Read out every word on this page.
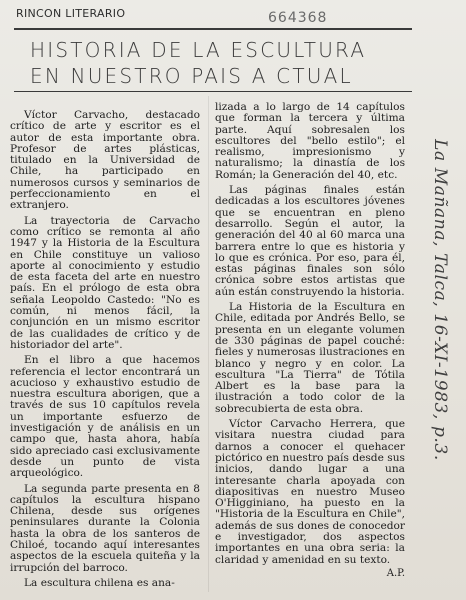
RINCON LITERARIO	664368
HISTORIA DE LA ESCULTURA
EN NUESTRO PAIS A CTUAL

Víctor Carvacho, destacado crítico de arte y escritor es el autor de esta importante obra. Profesor de artes plásticas, titulado en la Universidad de Chile, ha participado en numerosos cursos y seminarios de perfeccionamiento en el extranjero.

La trayectoria de Carvacho como crítico se remonta al año 1947 y la Historia de la Escultura en Chile constituye un valioso aporte al conocimiento y estudio de esta faceta del arte en nuestro país. En el prólogo de esta obra señala Leopoldo Castedo: "No es común, ni menos fácil, la conjunción en un mismo escritor de las cualidades de crítico y de historiador del arte".

En el libro a que hacemos referencia el lector encontrará un acucioso y exhaustivo estudio de nuestra escultura aborigen, que a través de sus 10 capítulos revela un importante esfuerzo de investigación y de análisis en un campo que, hasta ahora, había sido apreciado casi exclusivamente desde un punto de vista arqueológico.

La segunda parte presenta en 8 capítulos la escultura hispano Chilena, desde sus orígenes peninsulares durante la Colonia hasta la obra de los santeros de Chiloé, tocando aquí interesantes aspectos de la escuela quiteña y la irrupción del barroco.

La escultura chilena es ana-

lizada a lo largo de 14 capítulos que forman la tercera y última parte. Aquí sobresalen los escultores del "bello estilo"; el realismo, impresionismo y naturalismo; la dinastía de los Román; la Generación del 40, etc.

Las páginas finales están dedicadas a los escultores jóvenes que se encuentran en pleno desarrollo. Según el autor, la generación del 40 al 60 marca una barrera entre lo que es historia y lo que es crónica. Por eso, para él, estas páginas finales son sólo crónica sobre estos artistas que aún están construyendo la historia.

La Historia de la Escultura en Chile, editada por Andrés Bello, se presenta en un elegante volumen de 330 páginas de papel couché: fieles y numerosas ilustraciones en blanco y negro y en color. La escultura "La Tierra" de Tótila Albert es la base para la ilustración a todo color de la sobrecubierta de esta obra.

Víctor Carvacho Herrera, que visitara nuestra ciudad para darnos a conocer el quehacer pictórico en nuestro país desde sus inicios, dando lugar a una interesante charla apoyada con diapositivas en nuestro Museo O'Higginiano, ha puesto en la "Historia de la Escultura en Chile", además de sus dones de conocedor e investigador, dos aspectos importantes en una obra seria: la claridad y amenidad en su texto.

A.P.

La Mañana, Talca, 16-XI-1983, p.3.
